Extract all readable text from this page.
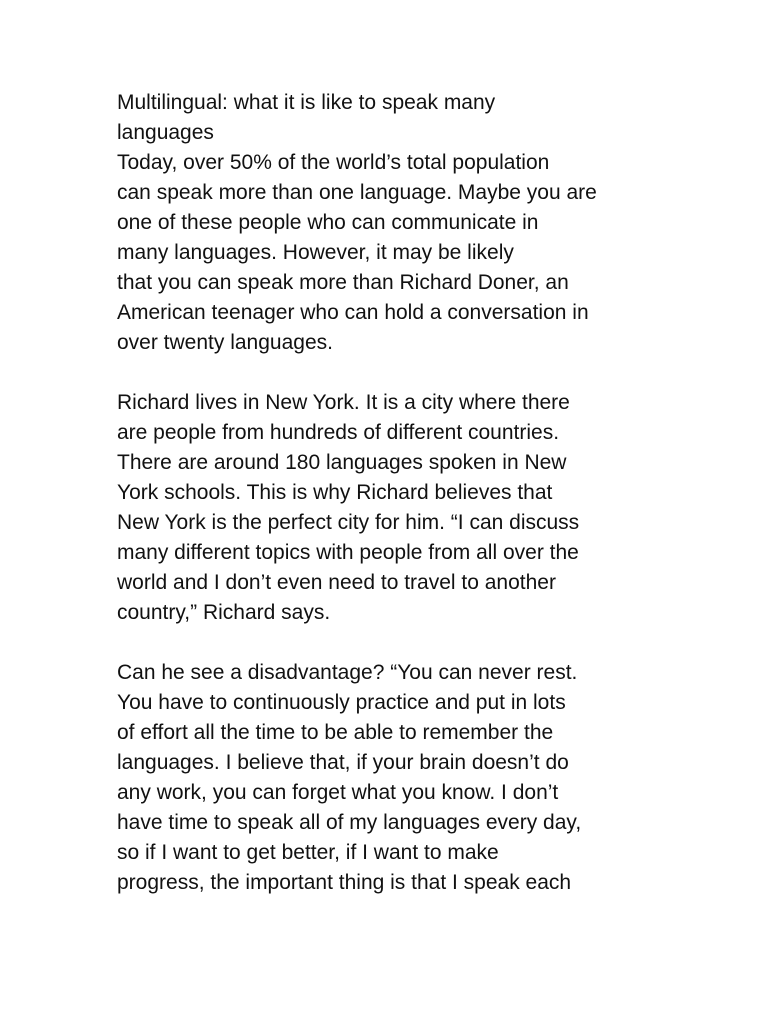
Multilingual: what it is like to speak many
languages
Today, over 50% of the world’s total population
can speak more than one language. Maybe you are
one of these people who can communicate in
many languages. However, it may be likely
that you can speak more than Richard Doner, an
American teenager who can hold a conversation in
over twenty languages.
Richard lives in New York. It is a city where there
are people from hundreds of different countries.
There are around 180 languages spoken in New
York schools. This is why Richard believes that
New York is the perfect city for him. “I can discuss
many different topics with people from all over the
world and I don’t even need to travel to another
country,” Richard says.
Can he see a disadvantage? “You can never rest.
You have to continuously practice and put in lots
of effort all the time to be able to remember the
languages. I believe that, if your brain doesn’t do
any work, you can forget what you know. I don’t
have time to speak all of my languages every day,
so if I want to get better, if I want to make
progress, the important thing is that I speak each
